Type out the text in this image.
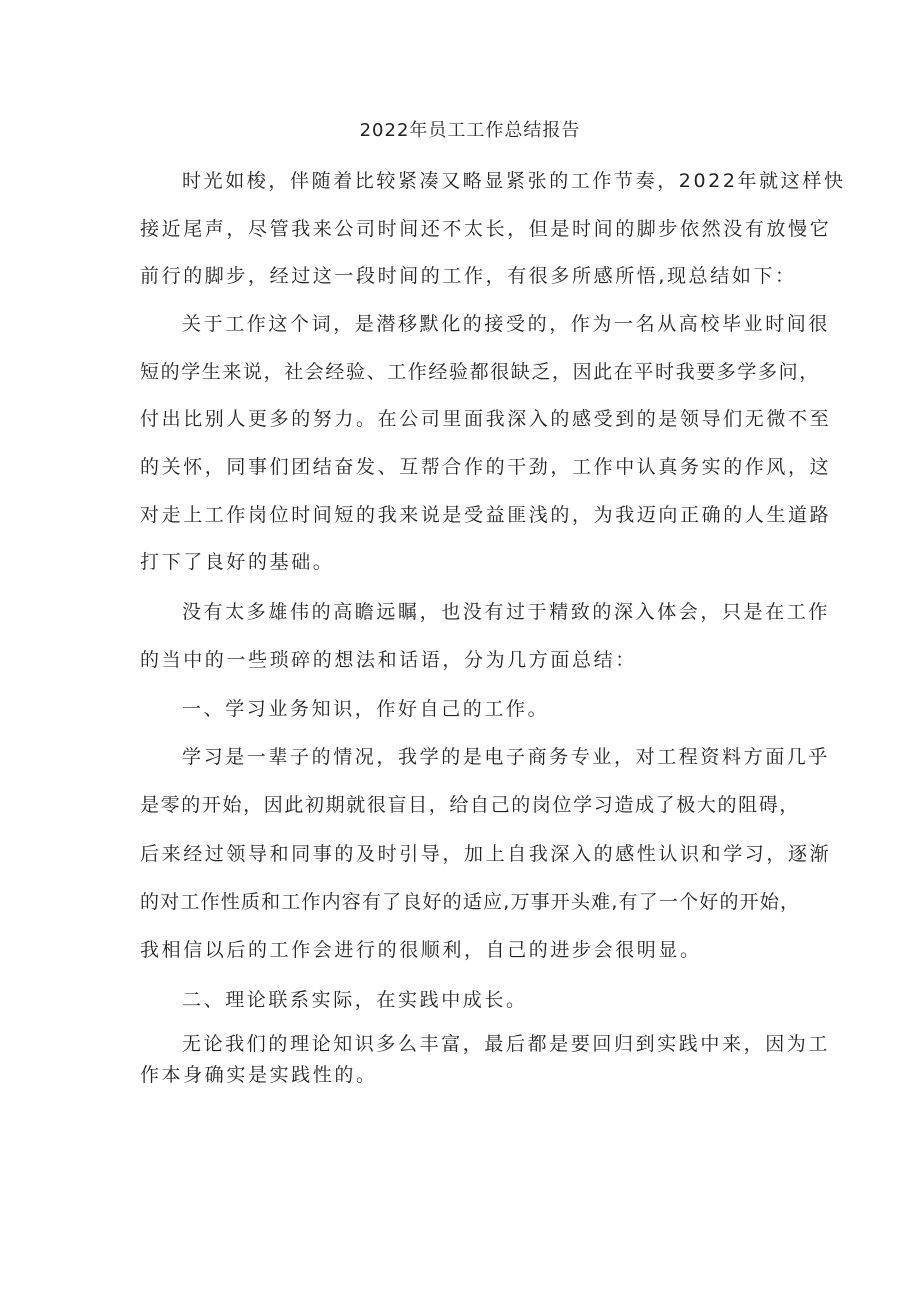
2022年员工工作总结报告

时光如梭，伴随着比较紧凑又略显紧张的工作节奏，2022年就这样快

接近尾声，尽管我来公司时间还不太长，但是时间的脚步依然没有放慢它

前行的脚步，经过这一段时间的工作，有很多所感所悟,现总结如下：

关于工作这个词，是潜移默化的接受的，作为一名从高校毕业时间很

短的学生来说，社会经验、工作经验都很缺乏，因此在平时我要多学多问，

付出比别人更多的努力。在公司里面我深入的感受到的是领导们无微不至

的关怀，同事们团结奋发、互帮合作的干劲，工作中认真务实的作风，这

对走上工作岗位时间短的我来说是受益匪浅的，为我迈向正确的人生道路

打下了良好的基础。

没有太多雄伟的高瞻远瞩，也没有过于精致的深入体会，只是在工作

的当中的一些琐碎的想法和话语，分为几方面总结：

一、学习业务知识，作好自己的工作。

学习是一辈子的情况，我学的是电子商务专业，对工程资料方面几乎

是零的开始，因此初期就很盲目，给自己的岗位学习造成了极大的阻碍，

后来经过领导和同事的及时引导，加上自我深入的感性认识和学习，逐渐

的对工作性质和工作内容有了良好的适应,万事开头难,有了一个好的开始，

我相信以后的工作会进行的很顺利，自己的进步会很明显。

二、理论联系实际，在实践中成长。

无论我们的理论知识多么丰富，最后都是要回归到实践中来，因为工

作本身确实是实践性的。
